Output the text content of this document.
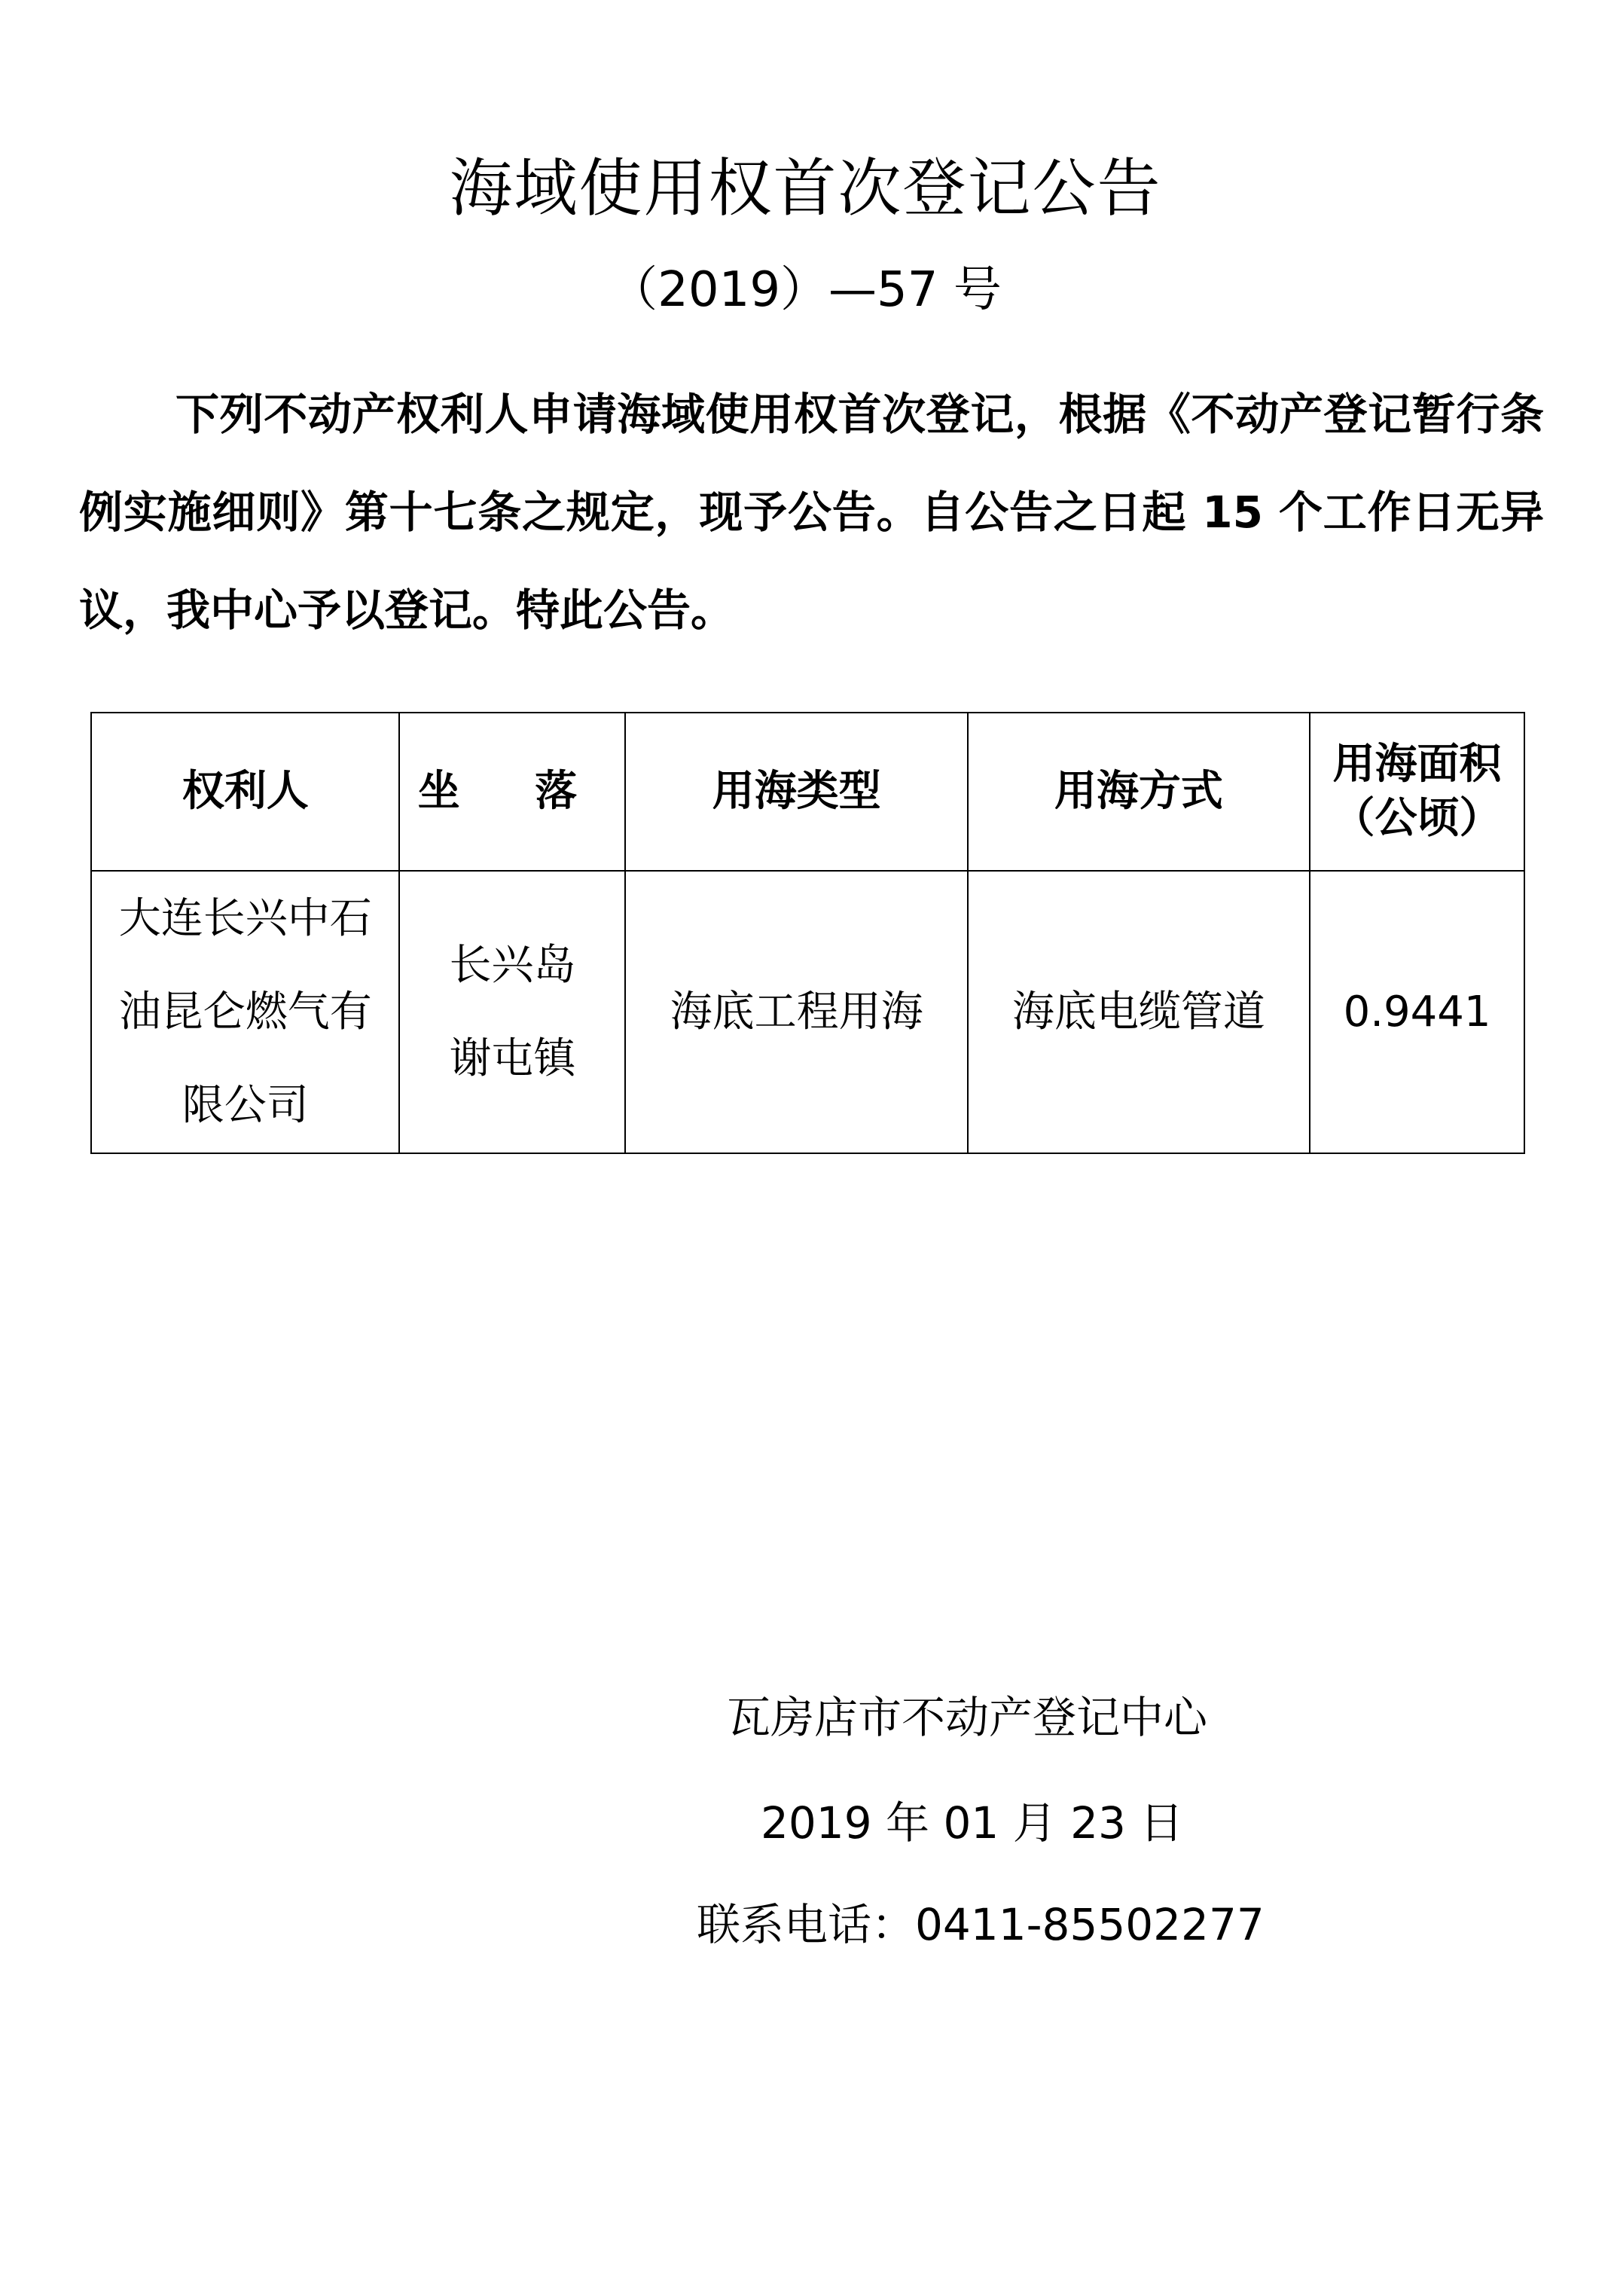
海域使用权首次登记公告
（2019）—57 号

下列不动产权利人申请海域使用权首次登记，根据《不动产登记暂行条例实施细则》第十七条之规定，现予公告。自公告之日起 15 个工作日无异议，我中心予以登记。特此公告。

权利人	坐 落	用海类型	用海方式	用海面积
（公顷）

大连长兴中石油昆仑燃气有限公司	长兴岛
谢屯镇	海底工程用海	海底电缆管道	0.9441
瓦房店市不动产登记中心
2019 年 01 月 23 日
联系电话：0411-85502277
